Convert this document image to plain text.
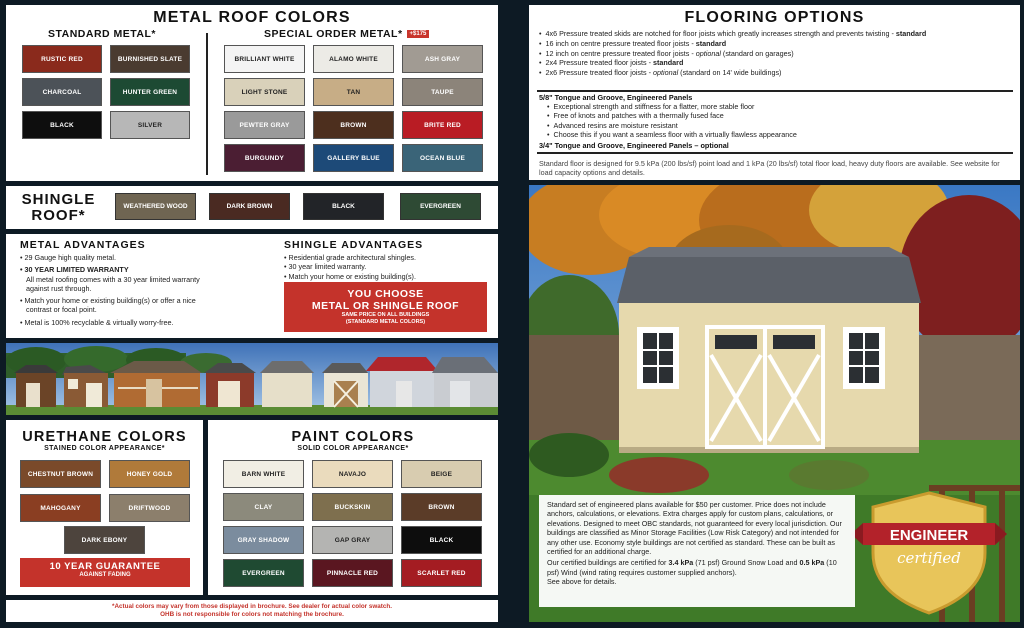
METAL ROOF COLORS
STANDARD METAL*	SPECIAL ORDER METAL* +$175
RUSTIC RED	BURNISHED SLATE
CHARCOAL	HUNTER GREEN
BLACK	SILVER
BRILLIANT WHITE	ALAMO WHITE	ASH GRAY
LIGHT STONE	TAN	TAUPE
PEWTER GRAY	BROWN	BRITE RED
BURGUNDY	GALLERY BLUE	OCEAN BLUE
SHINGLE ROOF*
WEATHERED WOOD	DARK BROWN	BLACK	EVERGREEN
METAL ADVANTAGES
• 29 Gauge high quality metal.
• 30 YEAR LIMITED WARRANTY
All metal roofing comes with a 30 year limited warranty
against rust through.
• Match your home or existing building(s) or offer a nice
contrast or focal point.
• Metal is 100% recyclable & virtually worry-free.
SHINGLE ADVANTAGES
• Residential grade architectural shingles.
• 30 year limited warranty.
• Match your home or existing building(s).
YOU CHOOSE
METAL OR SHINGLE ROOF
SAME PRICE ON ALL BUILDINGS
(STANDARD METAL COLORS)
URETHANE COLORS
STAINED COLOR APPEARANCE*
10 YEAR GUARANTEE
AGAINST FADING
CHESTNUT BROWN	HONEY GOLD
MAHOGANY	DRIFTWOOD
DARK EBONY
PAINT COLORS
SOLID COLOR APPEARANCE*
BARN WHITE	NAVAJO	BEIGE
CLAY	BUCKSKIN	BROWN
GRAY SHADOW	GAP GRAY	BLACK
EVERGREEN	PINNACLE RED	SCARLET RED
*Actual colors may vary from those displayed in brochure. See dealer for actual color swatch.
OHB is not responsible for colors not matching the brochure.
FLOORING OPTIONS
• 4x6 Pressure treated skids are notched for floor joists which greatly increases strength and prevents twisting - standard
• 16 inch on centre pressure treated floor joists - standard
• 12 inch on centre pressure treated floor joists - optional (standard on garages)
• 2x4 Pressure treated floor joists - standard
• 2x6 Pressure treated floor joists - optional (standard on 14' wide buildings)
5/8" Tongue and Groove, Engineered Panels
• Exceptional strength and stiffness for a flatter, more stable floor
• Free of knots and patches with a thermally fused face
• Advanced resins are moisture resistant
• Choose this if you want a seamless floor with a virtually flawless appearance
3/4" Tongue and Groove, Engineered Panels – optional
Standard floor is designed for 9.5 kPa (200 lbs/sf) point load and 1 kPa (20 lbs/sf) total floor load, heavy duty floors are available. See website for load capacity options and details.
ENGINEER
certified
Standard set of engineered plans available for $50 per customer. Price does not include anchors, calculations, or elevations. Extra charges apply for custom plans, calculations, or elevations. Designed to meet OBC standards, not guaranteed for every local jurisdiction. Our buildings are classified as Minor Storage Facilities (Low Risk Category) and not intended for any other use. Economy style buildings are not certified as standard. These can be built as certified for an additional charge.
Our certified buildings are certified for 3.4 kPa (71 psf) Ground Snow Load and 0.5 kPa (10 psf) Wind (wind rating requires customer supplied anchors).
See above for details.
